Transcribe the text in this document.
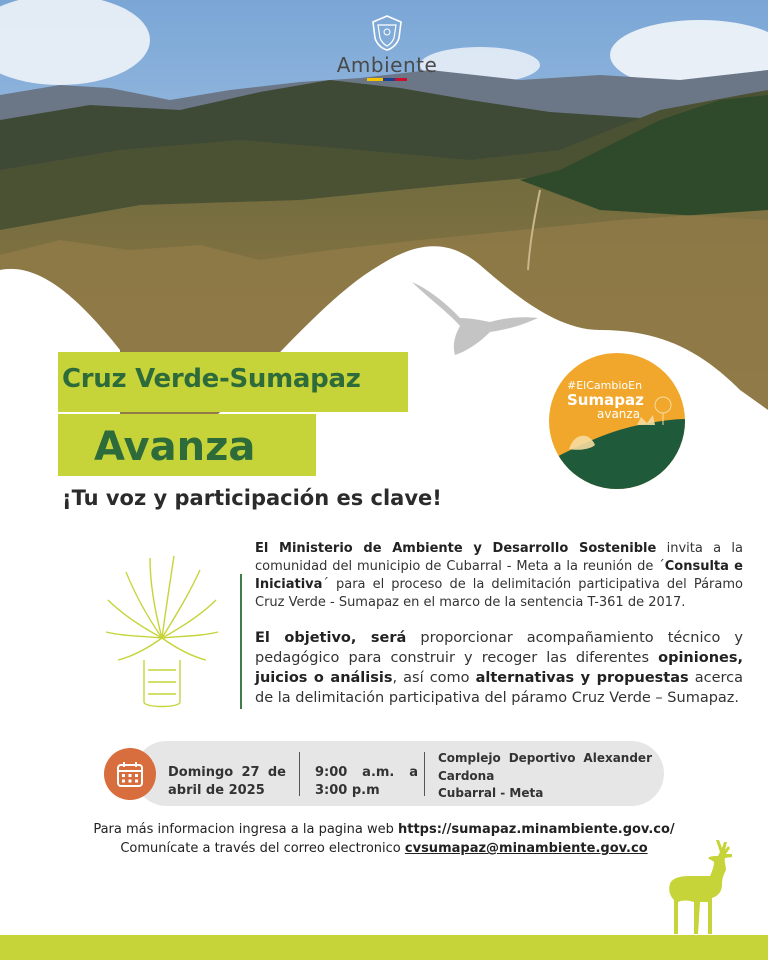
Ambiente
Cruz Verde-Sumapaz
Avanza
¡Tu voz y participación es clave!
#ElCambioEn
Sumapaz
avanza
El Ministerio de Ambiente y Desarrollo Sostenible invita a la comunidad del municipio de Cubarral - Meta a la reunión de ´Consulta e Iniciativa´ para el proceso de la delimitación participativa del Páramo Cruz Verde - Sumapaz en el marco de la sentencia T-361 de 2017.
El objetivo, será proporcionar acompañamiento técnico y pedagógico para construir y recoger las diferentes opiniones, juicios o análisis, así como alternativas y propuestas acerca de la delimitación participativa del páramo Cruz Verde – Sumapaz.
Domingo 27 de
abril de 2025
9:00 a.m. a
3:00 p.m
Complejo Deportivo Alexander
Cardona
Cubarral - Meta
Para más informacion ingresa a la pagina web https://sumapaz.minambiente.gov.co/
Comunícate a través del correo electronico cvsumapaz@minambiente.gov.co
